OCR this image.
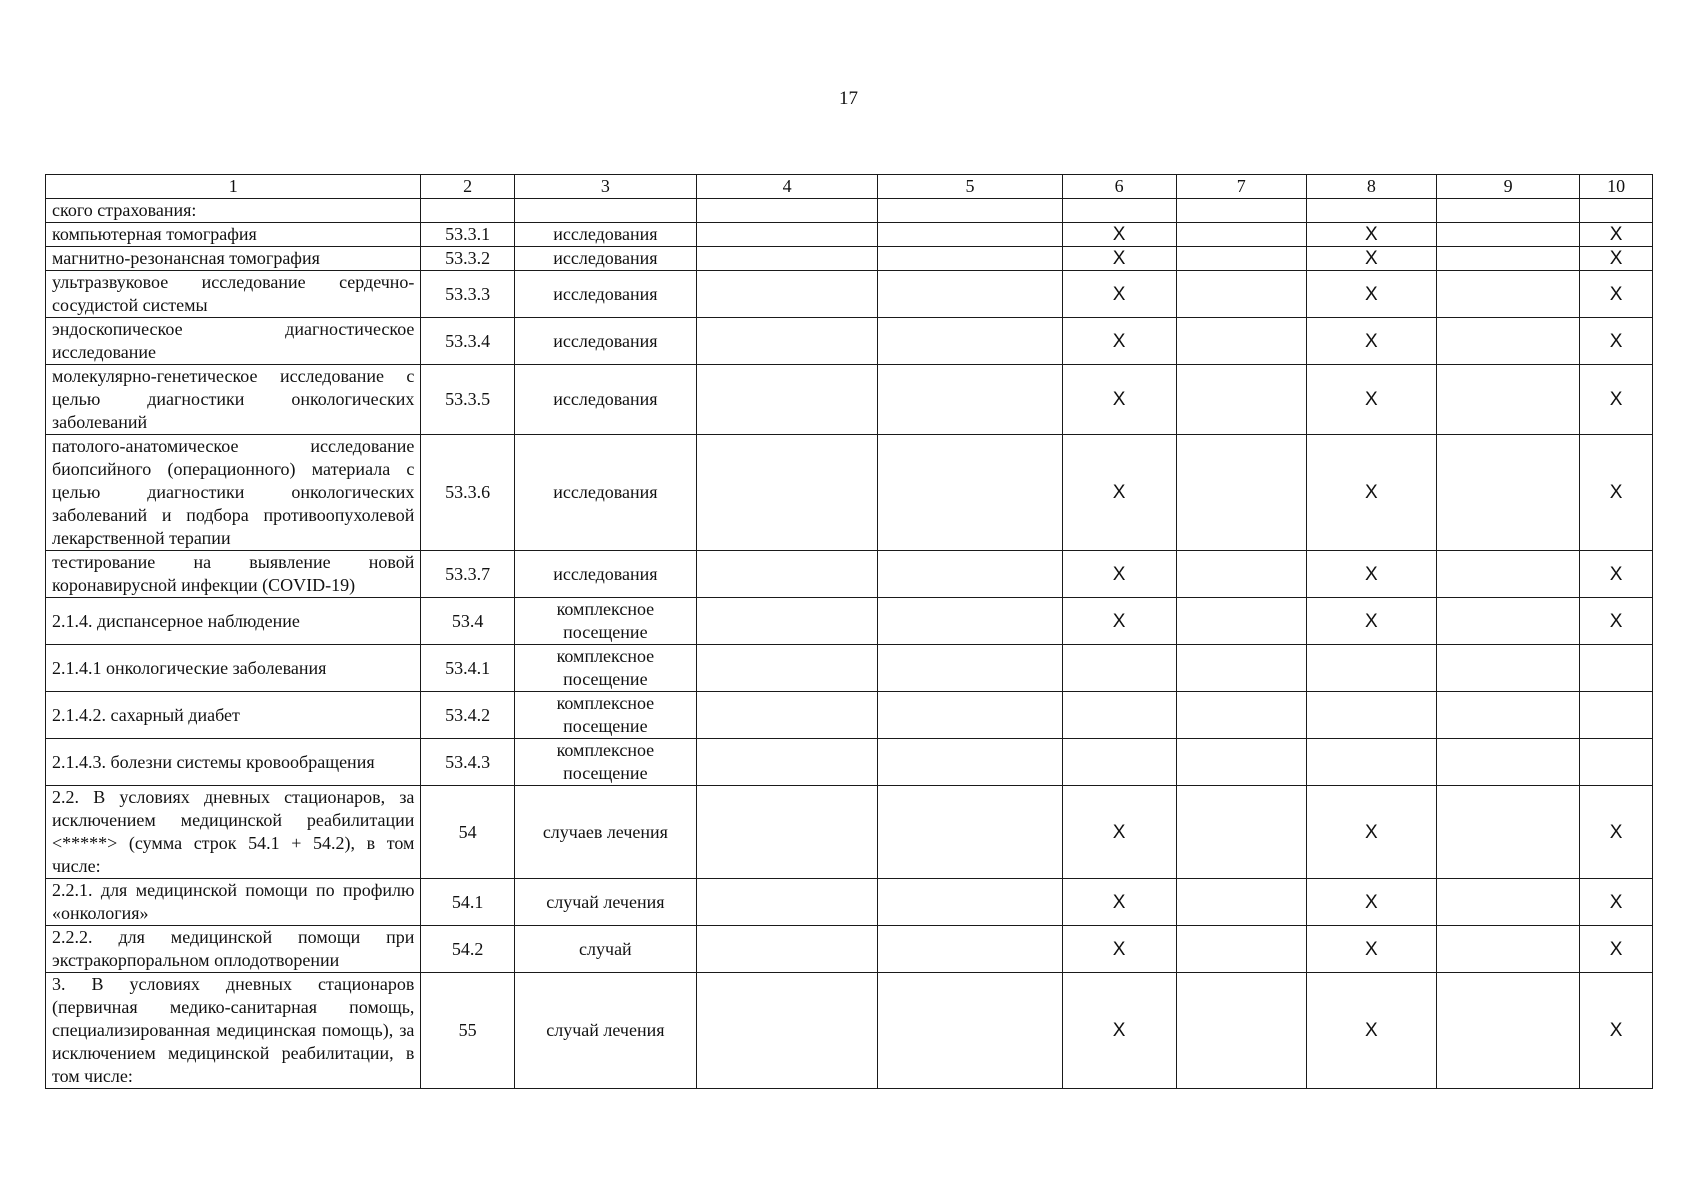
17
1	2	3	4	5	6	7	8	9	10
ского страхования:									
компьютерная томография	53.3.1	исследования			X		X		X
магнитно-резонансная томография	53.3.2	исследования			X		X		X
ультразвуковое исследование сердечно-сосудистой системы	53.3.3	исследования			X		X		X
эндоскопическое диагностическое исследование	53.3.4	исследования			X		X		X
молекулярно-генетическое исследование с целью диагностики онкологических заболеваний	53.3.5	исследования			X		X		X
патолого-анатомическое исследование биопсийного (операционного) материала с целью диагностики онкологических заболеваний и подбора противоопухолевой лекарственной терапии	53.3.6	исследования			X		X		X
тестирование на выявление новой коронавирусной инфекции (COVID-19)	53.3.7	исследования			X		X		X
2.1.4. диспансерное наблюдение	53.4	комплексное посещение			X		X		X
2.1.4.1 онкологические заболевания	53.4.1	комплексное посещение							
2.1.4.2. сахарный диабет	53.4.2	комплексное посещение							
2.1.4.3. болезни системы кровообращения	53.4.3	комплексное посещение							
2.2. В условиях дневных стационаров, за исключением медицинской реабилитации <*****> (сумма строк 54.1 + 54.2), в том числе:	54	случаев лечения			X		X		X
2.2.1. для медицинской помощи по профилю «онкология»	54.1	случай лечения			X		X		X
2.2.2. для медицинской помощи при экстракорпоральном оплодотворении	54.2	случай			X		X		X
3. В условиях дневных стационаров (первичная медико-санитарная помощь, специализированная медицинская помощь), за исключением медицинской реабилитации, в том числе:	55	случай лечения			X		X		X
